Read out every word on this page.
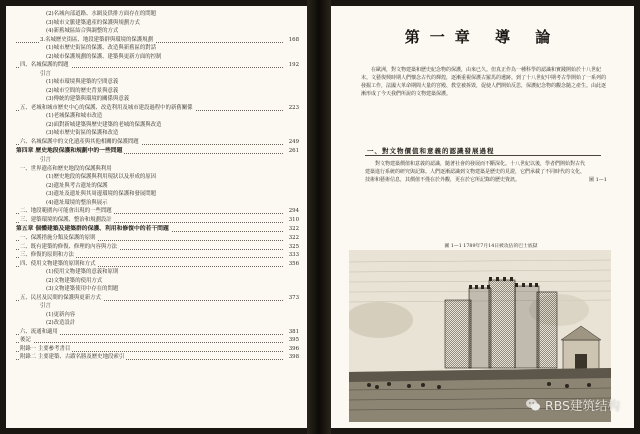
(2)名城內部道路、水網及供排方面存在的問題
(3)城市文脈建築遺產的保護與規劃方式
(4)新舊城區結合與調整的方式
3.名城歷史街區、地段建築群與環境的保護規劃	168
(1)城市歷史街區的保護、改造與新舊區的對話
(2)城市保護規劃的保護、建築與更新方面的控制
四、名城保護的問題	192
引言
(1)城市環境與建築的空間意義
(2)城市空間的歷史背景與意義
(3)傳統的建築與環境的關係與意義
五、老城和城市歷史中心的保護、改造利用及城市建設過程中的新舊關係	223
(1)老城保護和城市改造
(2)面對新城建築與歷史建築的老城的保護與改造
(3)城市歷史街區的保護和改造
六、名城保護中的文化遺產與其他相關的保護問題	249
第四章 歷史地段保護和規劃中的一些問題	261
引言
一、世界遺產和歷史地段的保護與利用
(1)歷史地段的保護與利用現狀以及形成的原因
(2)遺址與考古遺址的保護
(3)遺址及遺址與其周邊環境的保護和發展問題
(4)遺址環境的整治與展示
二、地段範圍內可能會出現的一些問題	294
三、建築環境的保護、整治和規劃設計	310
第五章 個體建築及建築群的保護、利用和修復中的若干問題	322
一、保護措施分類及保護的原則	322
二、既有建築的修復、修理的內容與方法	325
三、修復的原則和方法	333
四、使用文物建築的原則和方式	356
(1)使用文物建築的意義和原則
(2)文物建築的使用方式
(3)文物建築使用中存在的問題
五、民居及民間的保護與更新方式	373
引言
(1)更新內容
(2)改造設計
六、流通和適用	381
後記	395
附錄一 主要參考書目	396
附錄二 主要建築、古蹟名勝及歷史地段索引	398
第一章 導 論
在歐洲，對文物建築和歷史紀念物的保護，由來已久。但真正作為一種科學的認識和實踐開始於十八世紀末。文藝復興時期人們懷念古代的輝煌，逐漸重視保護古羅馬的遺跡。到了十八世紀中期考古學開始了一系列的發掘工作，法國大革命期間大量的宮殿、教堂被拆毀，促使人們開始反思，保護紀念物的觀念隨之產生。由此逐漸形成了今天我們所說的文物建築保護。
一、對文物價值和意義的認識發展過程
對文物建築價值和意義的認識，隨著社會的發展而不斷深化。十八世紀以後，學者們開始對古代建築進行系統的研究與記錄。人們逐漸認識到文物建築是歷史的見證，它們承載了不同時代的文化、技術和藝術信息，其價值不僅在於外觀，更在於它所記錄的歷史資訊。	圖 1—1
圖 1—1 1789年7月14日被攻佔的巴士底獄
RBS建筑结构
